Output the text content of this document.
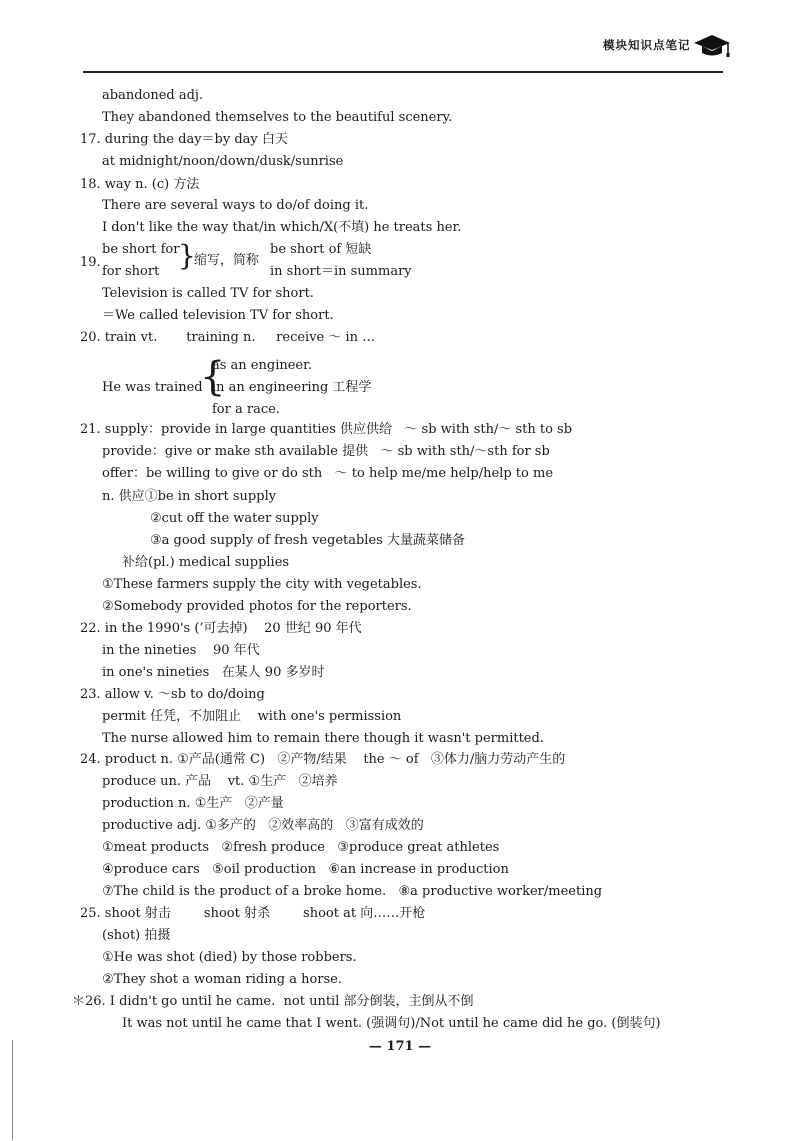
模块知识点笔记
abandoned adj.
They abandoned themselves to the beautiful scenery.
17. during the day＝by day 白天
at midnight/noon/down/dusk/sunrise
18. way n. (c) 方法
There are several ways to do/of doing it.
I don't like the way that/in which/X(不填) he treats her.
be short for	be short of 短缺
19.	}
缩写，简称
for short	in short＝in summary
Television is called TV for short.
＝We called television TV for short.
20. train vt.       training n.     receive ～ in …
as an engineer.
He was trained
{
in an engineering 工程学
for a race.
21. supply：provide in large quantities 供应供给   ～ sb with sth/～ sth to sb
provide：give or make sth available 提供   ～ sb with sth/～sth for sb
offer：be willing to give or do sth   ～ to help me/me help/help to me
n. 供应①be in short supply
②cut off the water supply
③a good supply of fresh vegetables 大量蔬菜储备
补给(pl.) medical supplies
①These farmers supply the city with vegetables.
②Somebody provided photos for the reporters.
22. in the 1990's (’可去掉)    20 世纪 90 年代
in the nineties    90 年代
in one's nineties   在某人 90 多岁时
23. allow v. ～sb to do/doing
permit 任凭，不加阻止    with one's permission
The nurse allowed him to remain there though it wasn't permitted.
24. product n. ①产品(通常 C)   ②产物/结果    the ～ of   ③体力/脑力劳动产生的
produce un. 产品    vt. ①生产   ②培养
production n. ①生产   ②产量
productive adj. ①多产的   ②效率高的   ③富有成效的
①meat products   ②fresh produce   ③produce great athletes
④produce cars   ⑤oil production   ⑥an increase in production
⑦The child is the product of a broke home.   ⑧a productive worker/meeting
25. shoot 射击        shoot 射杀        shoot at 向……开枪
(shot) 拍摄
①He was shot (died) by those robbers.
②They shot a woman riding a horse.
＊26. I didn't go until he came.  not until 部分倒装，主倒从不倒
It was not until he came that I went. (强调句)/Not until he came did he go. (倒装句)
— 171 —
